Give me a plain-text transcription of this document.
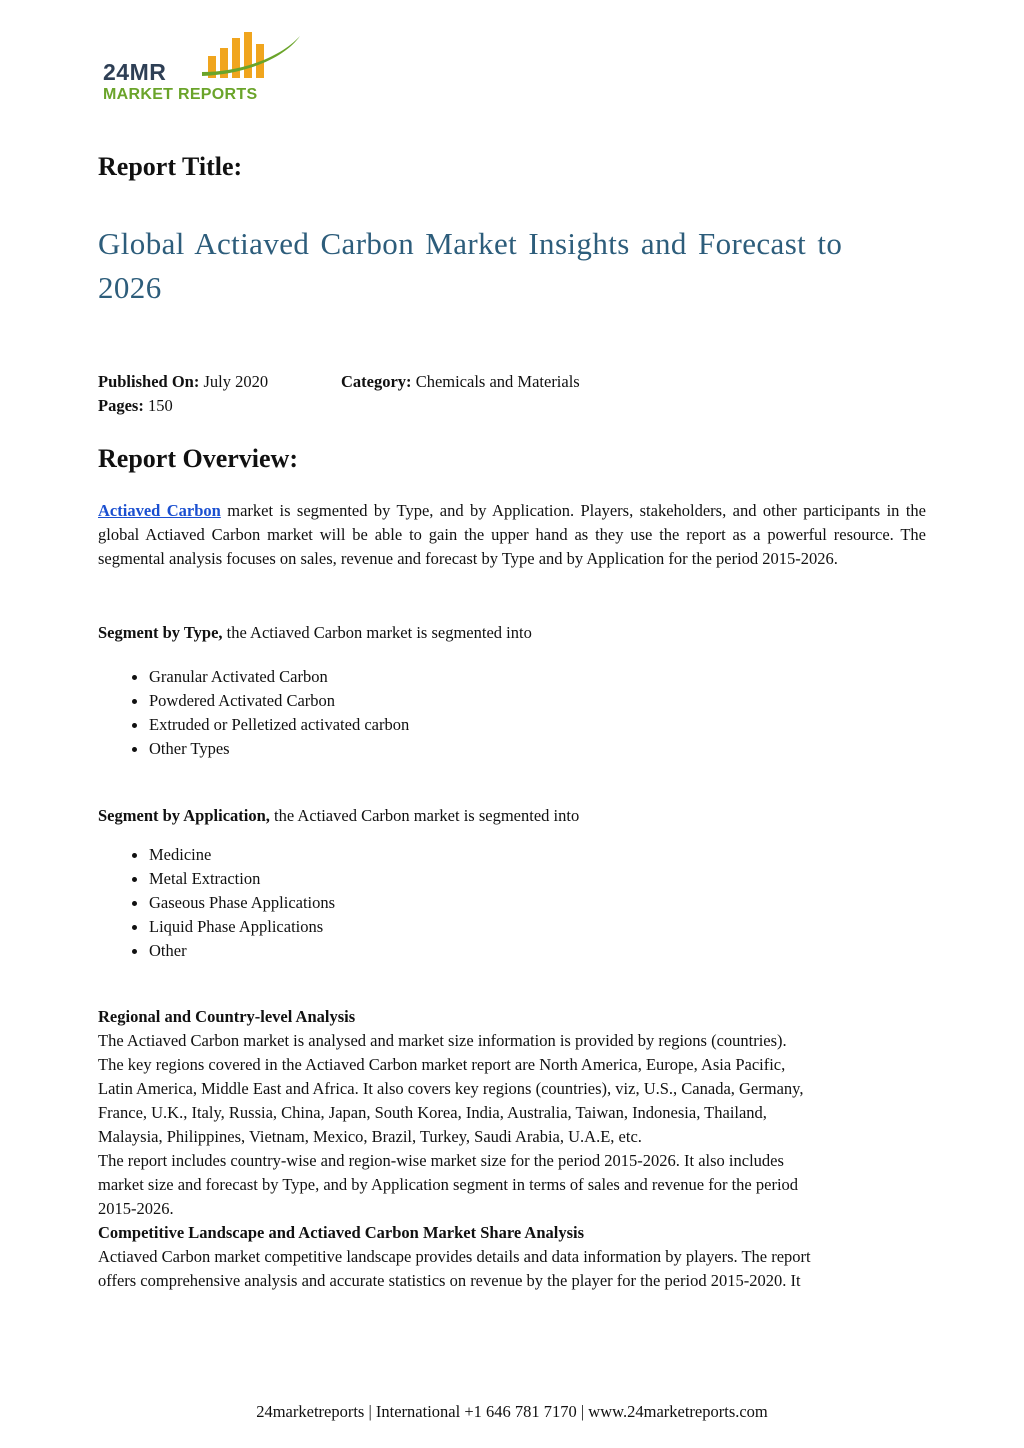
24MR
MARKET REPORTS
Report Title:
Global Actiaved Carbon Market Insights and Forecast to
2026
Published On: July 2020	Category: Chemicals and Materials
Pages: 150
Report Overview:

Actiaved Carbon market is segmented by Type, and by Application. Players, stakeholders, and other participants in the global Actiaved Carbon market will be able to gain the upper hand as they use the report as a powerful resource. The segmental analysis focuses on sales, revenue and forecast by Type and by Application for the period 2015-2026.

Segment by Type, the Actiaved Carbon market is segmented into

Granular Activated Carbon
Powdered Activated Carbon
Extruded or Pelletized activated carbon
Other Types

Segment by Application, the Actiaved Carbon market is segmented into

Medicine
Metal Extraction
Gaseous Phase Applications
Liquid Phase Applications
Other
Regional and Country-level Analysis
The Actiaved Carbon market is analysed and market size information is provided by regions (countries).
The key regions covered in the Actiaved Carbon market report are North America, Europe, Asia Pacific,
Latin America, Middle East and Africa. It also covers key regions (countries), viz, U.S., Canada, Germany,
France, U.K., Italy, Russia, China, Japan, South Korea, India, Australia, Taiwan, Indonesia, Thailand,
Malaysia, Philippines, Vietnam, Mexico, Brazil, Turkey, Saudi Arabia, U.A.E, etc.
The report includes country-wise and region-wise market size for the period 2015-2026. It also includes
market size and forecast by Type, and by Application segment in terms of sales and revenue for the period
2015-2026.
Competitive Landscape and Actiaved Carbon Market Share Analysis
Actiaved Carbon market competitive landscape provides details and data information by players. The report
offers comprehensive analysis and accurate statistics on revenue by the player for the period 2015-2020. It
24marketreports | International +1 646 781 7170 | www.24marketreports.com
